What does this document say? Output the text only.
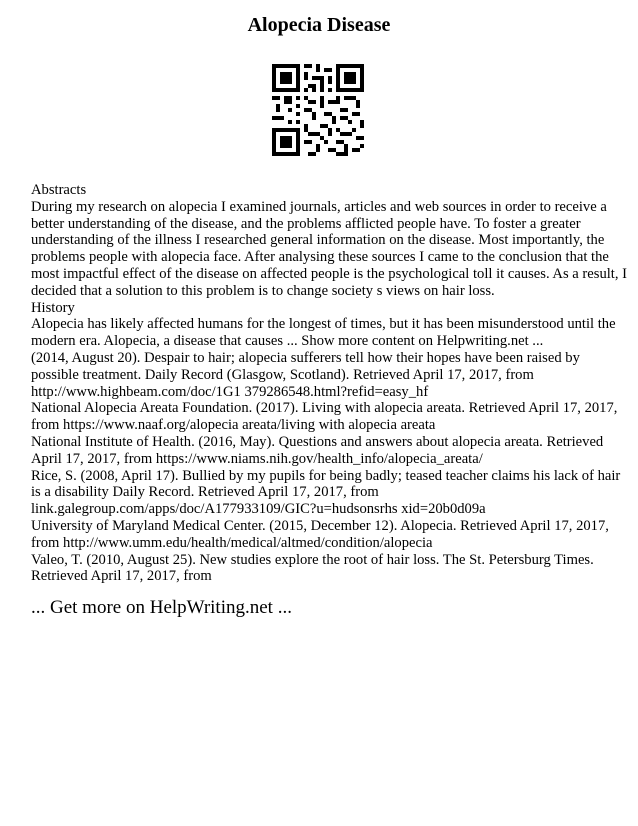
Alopecia Disease
Abstracts
During my research on alopecia I examined journals, articles and web sources in order to receive a
better understanding of the disease, and the problems afflicted people have. To foster a greater
understanding of the illness I researched general information on the disease. Most importantly, the
problems people with alopecia face. After analysing these sources I came to the conclusion that the
most impactful effect of the disease on affected people is the psychological toll it causes. As a result, I
decided that a solution to this problem is to change society s views on hair loss.
History
Alopecia has likely affected humans for the longest of times, but it has been misunderstood until the
modern era. Alopecia, a disease that causes ... Show more content on Helpwriting.net ...
(2014, August 20). Despair to hair; alopecia sufferers tell how their hopes have been raised by
possible treatment. Daily Record (Glasgow, Scotland). Retrieved April 17, 2017, from
http://www.highbeam.com/doc/1G1 379286548.html?refid=easy_hf
National Alopecia Areata Foundation. (2017). Living with alopecia areata. Retrieved April 17, 2017,
from https://www.naaf.org/alopecia areata/living with alopecia areata
National Institute of Health. (2016, May). Questions and answers about alopecia areata. Retrieved
April 17, 2017, from https://www.niams.nih.gov/health_info/alopecia_areata/
Rice, S. (2008, April 17). Bullied by my pupils for being badly; teased teacher claims his lack of hair
is a disability Daily Record. Retrieved April 17, 2017, from
link.galegroup.com/apps/doc/A177933109/GIC?u=hudsonsrhs xid=20b0d09a
University of Maryland Medical Center. (2015, December 12). Alopecia. Retrieved April 17, 2017,
from http://www.umm.edu/health/medical/altmed/condition/alopecia
Valeo, T. (2010, August 25). New studies explore the root of hair loss. The St. Petersburg Times.
Retrieved April 17, 2017, from
... Get more on HelpWriting.net ...
